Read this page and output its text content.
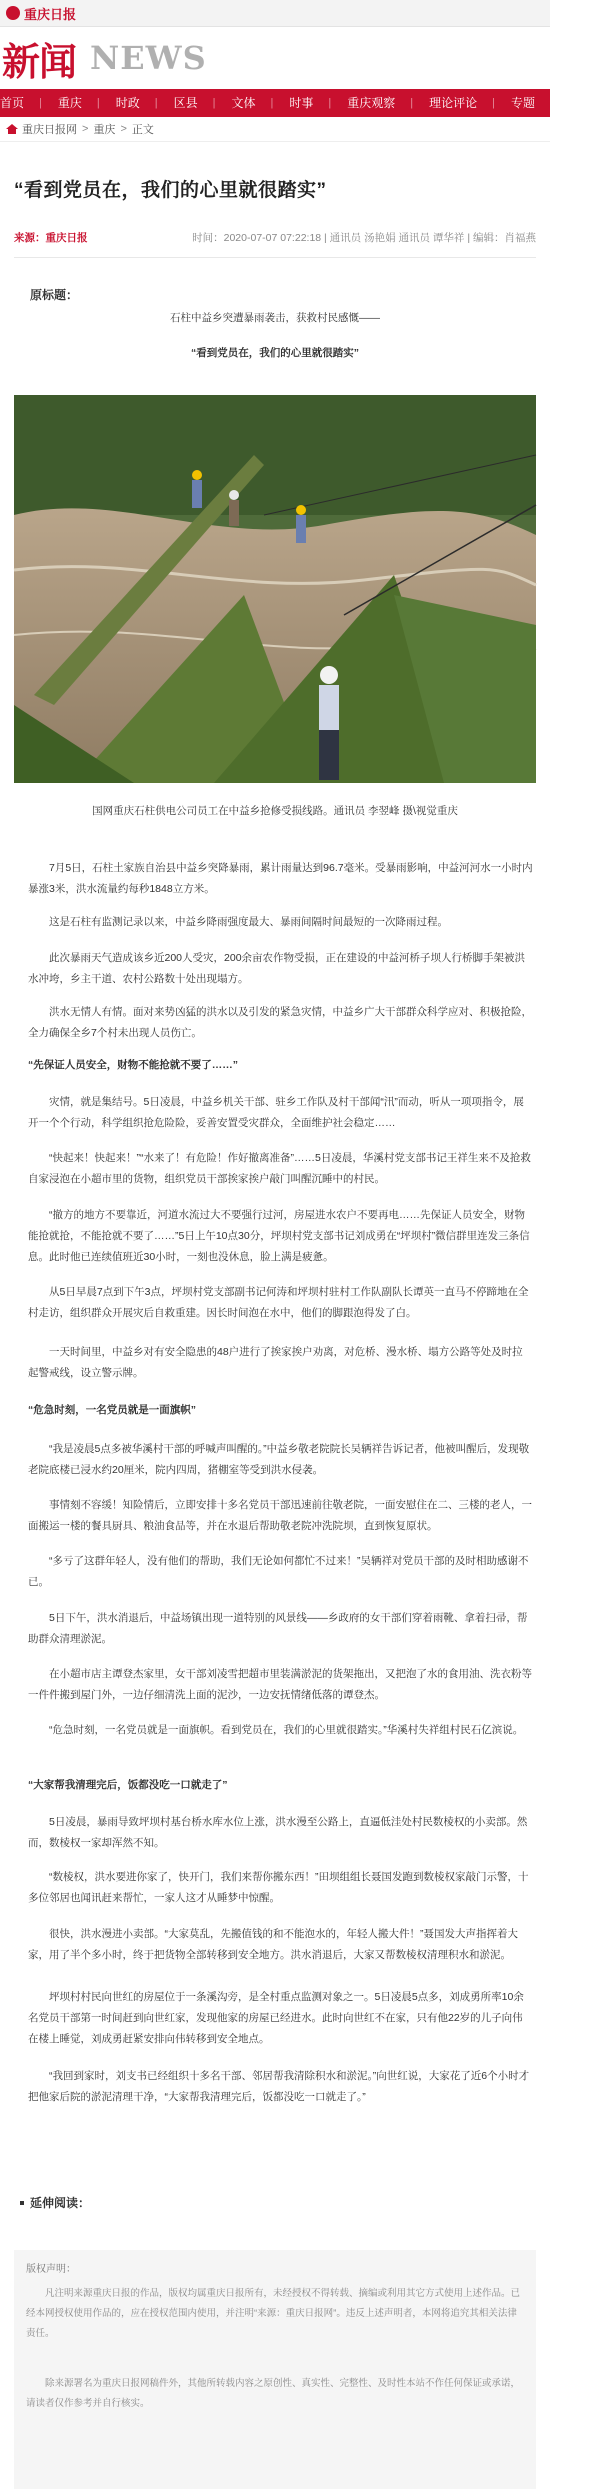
重庆日报
新闻 NEWS
首页	|	重庆	|	时政	|	区县	|	文体	|	时事	|	重庆观察	|	理论评论	|	专题	|	图片
重庆日报网 > 重庆 > 正文
“看到党员在，我们的心里就很踏实”
来源：重庆日报	时间：2020-07-07 07:22:18 | 通讯员 汤艳娟 通讯员 谭华祥 | 编辑：肖福燕
原标题：
石柱中益乡突遭暴雨袭击，获救村民感慨——
“看到党员在，我们的心里就很踏实”
国网重庆石柱供电公司员工在中益乡抢修受损线路。通讯员 李翌峰 摄\视觉重庆

7月5日，石柱土家族自治县中益乡突降暴雨，累计雨量达到96.7毫米。受暴雨影响，中益河河水一小时内暴涨3米，洪水流量约每秒1848立方米。

这是石柱有监测记录以来，中益乡降雨强度最大、暴雨间隔时间最短的一次降雨过程。

此次暴雨天气造成该乡近200人受灾，200余亩农作物受损，正在建设的中益河桥子坝人行桥脚手架被洪水冲垮，乡主干道、农村公路数十处出现塌方。

洪水无情人有情。面对来势凶猛的洪水以及引发的紧急灾情，中益乡广大干部群众科学应对、积极抢险，全力确保全乡7个村未出现人员伤亡。

“先保证人员安全，财物不能抢就不要了……”

灾情，就是集结号。5日凌晨，中益乡机关干部、驻乡工作队及村干部闻“汛”而动，听从一项项指令，展开一个个行动，科学组织抢危险险，妥善安置受灾群众，全面维护社会稳定……

“快起来！快起来！”“水来了！有危险！作好撤离准备”……5日凌晨，华溪村党支部书记王祥生来不及抢救自家浸泡在小超市里的货物，组织党员干部挨家挨户敲门叫醒沉睡中的村民。

“撤方的地方不要靠近，河道水流过大不要强行过河，房屋进水农户不要再电……先保证人员安全，财物能抢就抢，不能抢就不要了……”5日上午10点30分，坪坝村党支部书记刘成勇在“坪坝村”微信群里连发三条信息。此时他已连续值班近30小时，一刻也没休息，脸上满是疲惫。

从5日早晨7点到下午3点，坪坝村党支部副书记何涛和坪坝村驻村工作队副队长谭英一直马不停蹄地在全村走访，组织群众开展灾后自救重建。因长时间泡在水中，他们的脚跟泡得发了白。

一天时间里，中益乡对有安全隐患的48户进行了挨家挨户劝离，对危桥、漫水桥、塌方公路等处及时拉起警戒线，设立警示牌。

“危急时刻，一名党员就是一面旗帜”

“我是凌晨5点多被华溪村干部的呼喊声叫醒的。”中益乡敬老院院长吴辆祥告诉记者，他被叫醒后，发现敬老院底楼已浸水约20厘米，院内四周，猪棚室等受到洪水侵袭。

事情刻不容缓！知险情后，立即安排十多名党员干部迅速前往敬老院，一面安慰住在二、三楼的老人，一面搬运一楼的餐具厨具、粮油食品等，并在水退后帮助敬老院冲洗院坝，直到恢复原状。

“多亏了这群年轻人，没有他们的帮助，我们无论如何都忙不过来！”吴辆祥对党员干部的及时相助感谢不已。

5日下午，洪水消退后，中益场镇出现一道特别的风景线——乡政府的女干部们穿着雨靴、拿着扫帚，帮助群众清理淤泥。

在小超市店主谭登杰家里，女干部刘凌雪把超市里装满淤泥的货架拖出，又把泡了水的食用油、洗衣粉等一件件搬到屋门外，一边仔细清洗上面的泥沙，一边安抚情绪低落的谭登杰。

“危急时刻，一名党员就是一面旗帜。看到党员在，我们的心里就很踏实。”华溪村失祥组村民石亿滨说。

“大家帮我清理完后，饭都没吃一口就走了”

5日凌晨，暴雨导致坪坝村基台桥水库水位上涨，洪水漫至公路上，直逼低洼处村民数棱权的小卖部。然而，数棱权一家却浑然不知。

“数棱权，洪水要进你家了，快开门，我们来帮你搬东西！”田坝组组长聂国发跑到数棱权家敲门示警，十多位邻居也闻讯赶来帮忙，一家人这才从睡梦中惊醒。

很快，洪水漫进小卖部。“大家莫乱，先搬值钱的和不能泡水的，年轻人搬大件！”聂国发大声指挥着大家，用了半个多小时，终于把货物全部转移到安全地方。洪水消退后，大家又帮数棱权清理积水和淤泥。

坪坝村村民向世红的房屋位于一条溪沟旁，是全村重点监测对象之一。5日凌晨5点多，刘成勇所率10余名党员干部第一时间赶到向世红家，发现他家的房屋已经进水。此时向世红不在家，只有他22岁的儿子向伟在楼上睡觉，刘成勇赶紧安排向伟转移到安全地点。

“我回到家时，刘支书已经组织十多名干部、邻居帮我清除积水和淤泥。”向世红说，大家花了近6个小时才把他家后院的淤泥清理干净，“大家帮我清理完后，饭都没吃一口就走了。”

延伸阅读：
版权声明：

凡注明来源重庆日报的作品，版权均属重庆日报所有，未经授权不得转载、摘编或利用其它方式使用上述作品。已经本网授权使用作品的，应在授权范围内使用，并注明“来源：重庆日报网”。违反上述声明者，本网将追究其相关法律责任。

除来源署名为重庆日报网稿件外，其他所转载内容之原创性、真实性、完整性、及时性本站不作任何保证或承诺，请读者仅作参考并自行核实。
